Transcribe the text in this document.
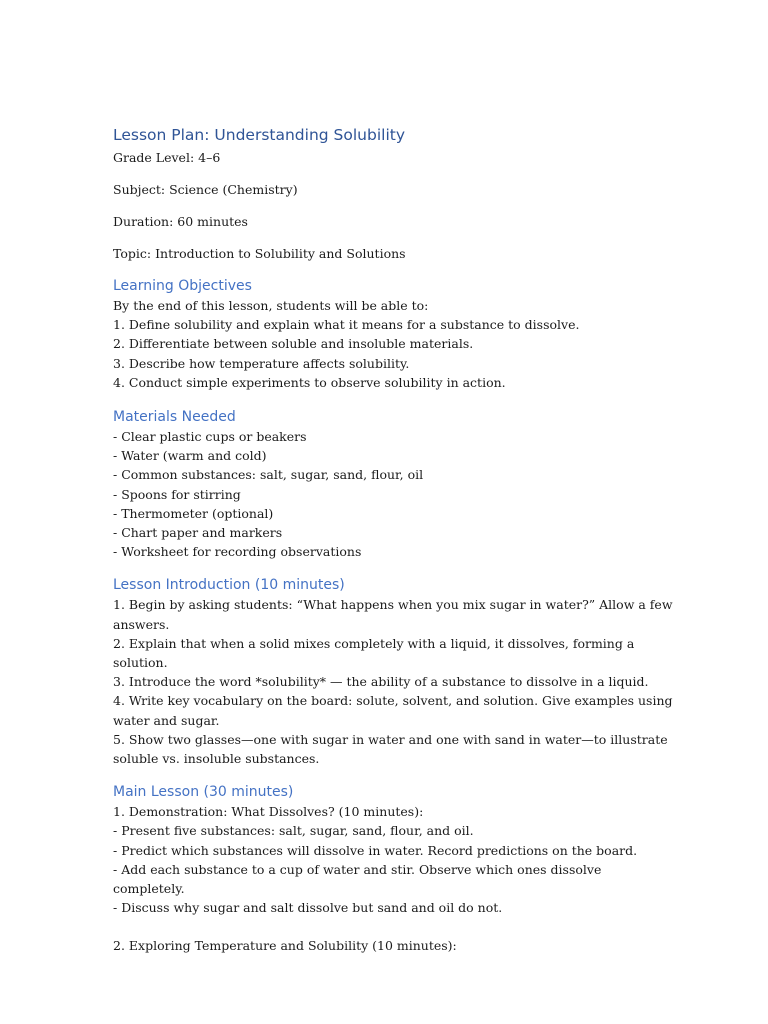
Lesson Plan: Understanding Solubility

Grade Level: 4–6

Subject: Science (Chemistry)

Duration: 60 minutes

Topic: Introduction to Solubility and Solutions

Learning Objectives

By the end of this lesson, students will be able to:

1. Define solubility and explain what it means for a substance to dissolve.
2. Differentiate between soluble and insoluble materials.
3. Describe how temperature affects solubility.
4. Conduct simple experiments to observe solubility in action.
Materials Needed
- Clear plastic cups or beakers
- Water (warm and cold)
- Common substances: salt, sugar, sand, flour, oil
- Spoons for stirring
- Thermometer (optional)
- Chart paper and markers
- Worksheet for recording observations
Lesson Introduction (10 minutes)
1. Begin by asking students: “What happens when you mix sugar in water?” Allow a few answers.
2. Explain that when a solid mixes completely with a liquid, it dissolves, forming a solution.
3. Introduce the word *solubility* — the ability of a substance to dissolve in a liquid.
4. Write key vocabulary on the board: solute, solvent, and solution. Give examples using water and sugar.
5. Show two glasses—one with sugar in water and one with sand in water—to illustrate soluble vs. insoluble substances.
Main Lesson (30 minutes)
1. Demonstration: What Dissolves? (10 minutes):
- Present five substances: salt, sugar, sand, flour, and oil.
- Predict which substances will dissolve in water. Record predictions on the board.
- Add each substance to a cup of water and stir. Observe which ones dissolve completely.
- Discuss why sugar and salt dissolve but sand and oil do not.

2. Exploring Temperature and Solubility (10 minutes):
